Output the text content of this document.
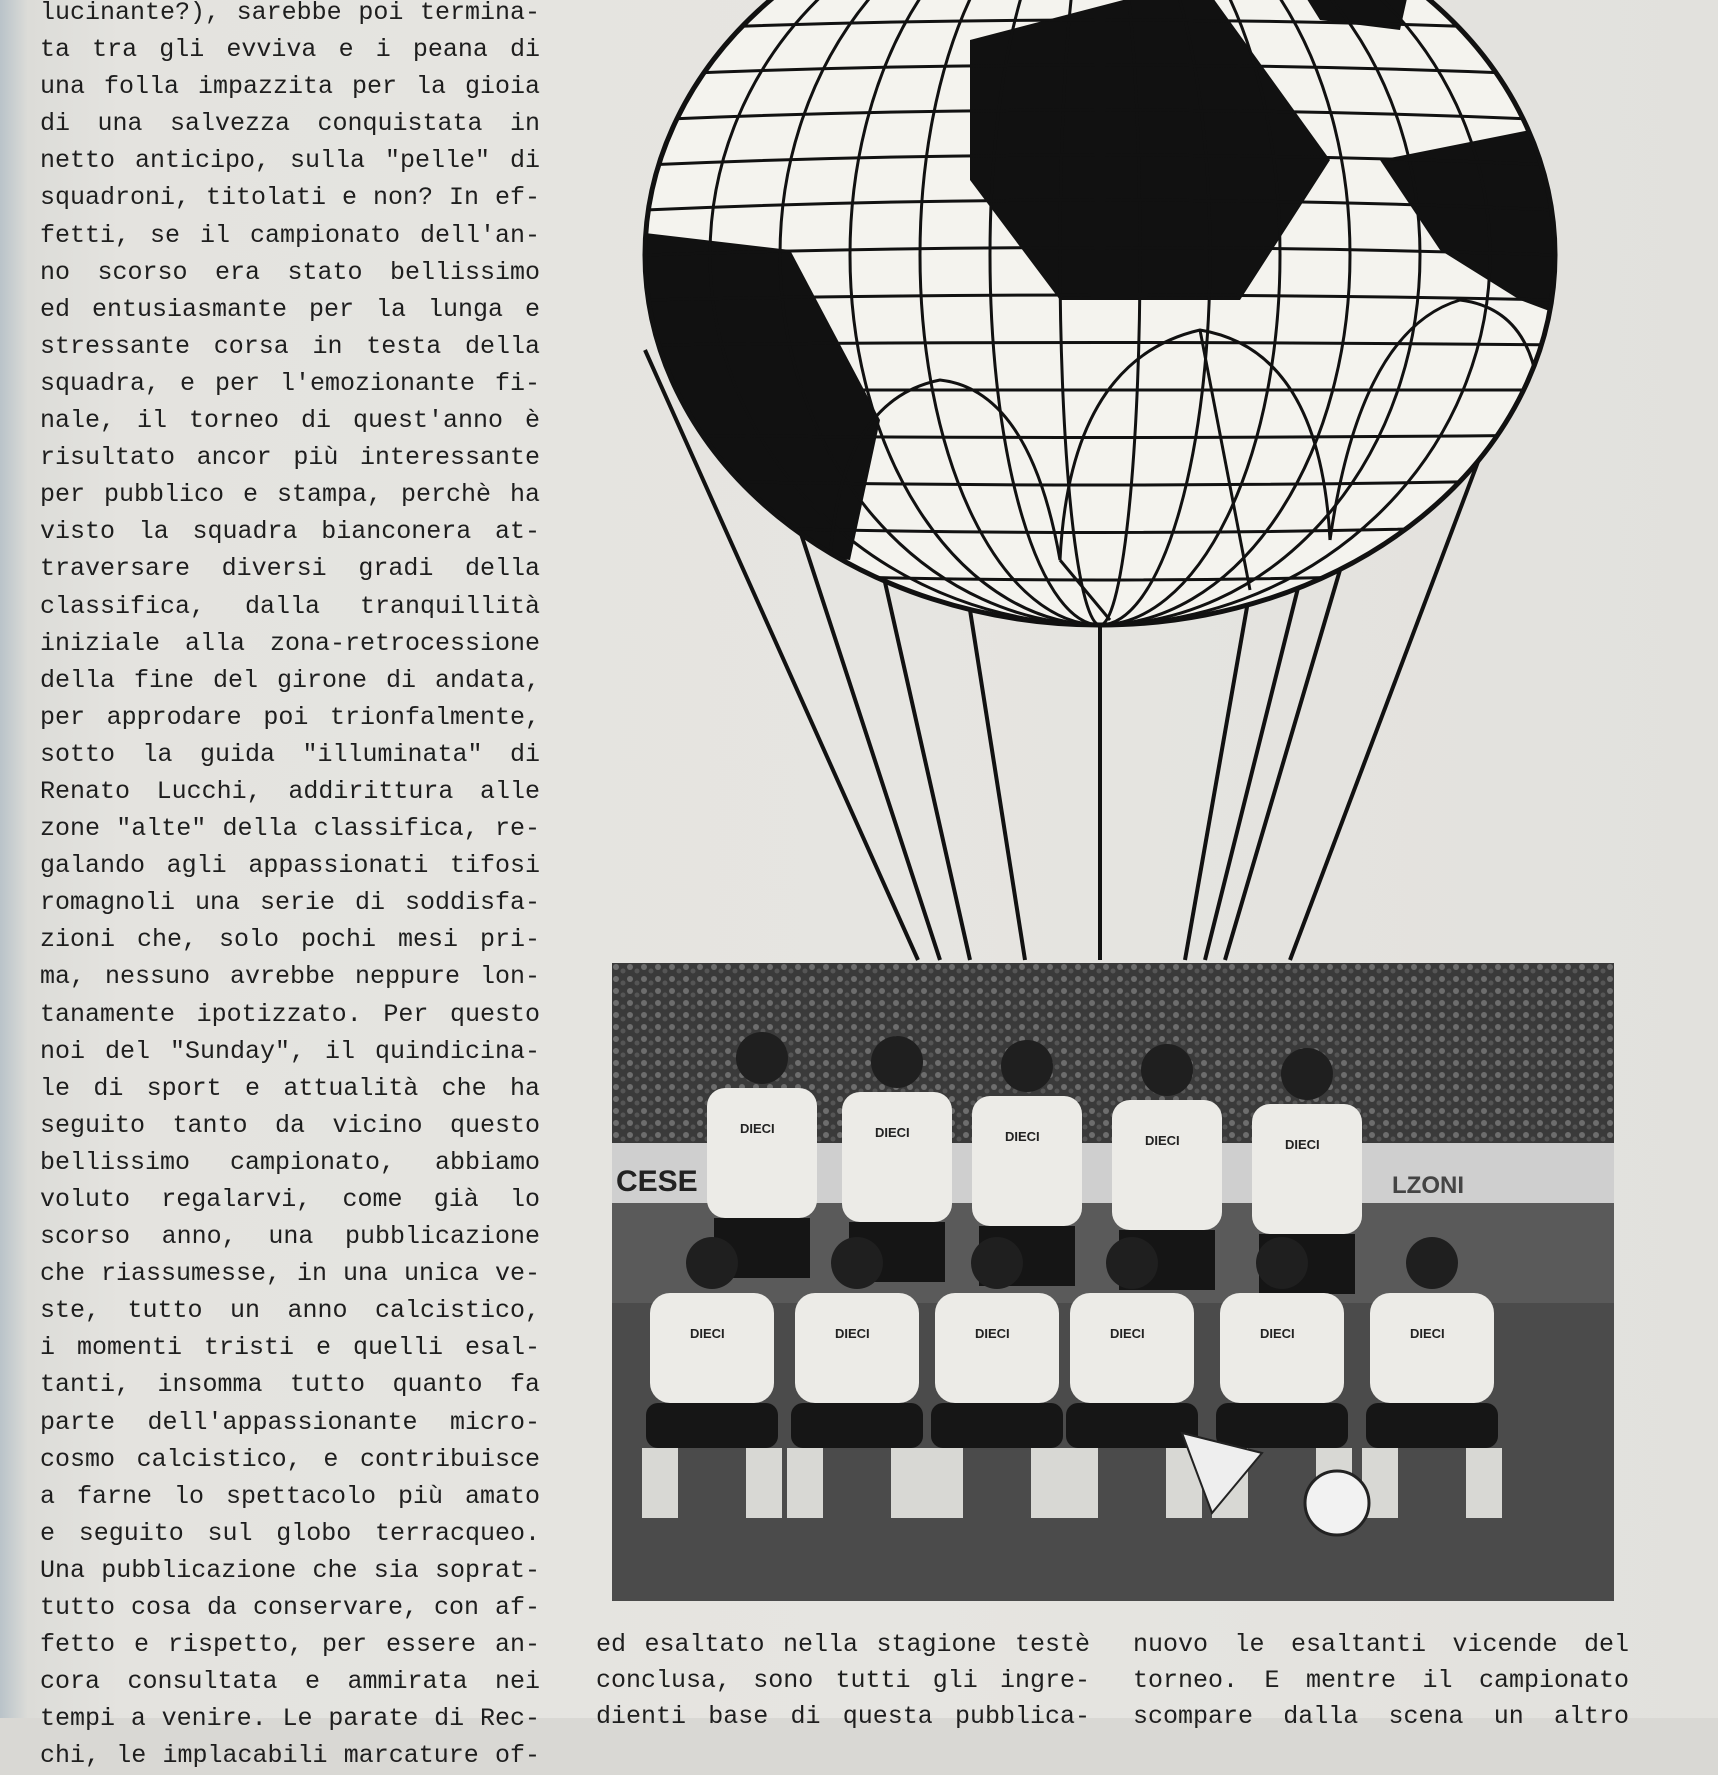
lucinante?), sarebbe poi termina-
ta tra gli evviva e i peana di
una folla impazzita per la gioia
di una salvezza conquistata in
netto anticipo, sulla "pelle" di
squadroni, titolati e non? In ef-
fetti, se il campionato dell'an-
no scorso era stato bellissimo
ed entusiasmante per la lunga e
stressante corsa in testa della
squadra, e per l'emozionante fi-
nale, il torneo di quest'anno è
risultato ancor più interessante
per pubblico e stampa, perchè ha
visto la squadra bianconera at-
traversare diversi gradi della
classifica, dalla tranquillità
iniziale alla zona-retrocessione
della fine del girone di andata,
per approdare poi trionfalmente,
sotto la guida "illuminata" di
Renato Lucchi, addirittura alle
zone "alte" della classifica, re-
galando agli appassionati tifosi
romagnoli una serie di soddisfa-
zioni che, solo pochi mesi pri-
ma, nessuno avrebbe neppure lon-
tanamente ipotizzato. Per questo
noi del "Sunday", il quindicina-
le di sport e attualità che ha
seguito tanto da vicino questo
bellissimo campionato, abbiamo
voluto regalarvi, come già lo
scorso anno, una pubblicazione
che riassumesse, in una unica ve-
ste, tutto un anno calcistico,
i momenti tristi e quelli esal-
tanti, insomma tutto quanto fa
parte dell'appassionante micro-
cosmo calcistico, e contribuisce
a farne lo spettacolo più amato
e seguito sul globo terracqueo.
Una pubblicazione che sia soprat-
tutto cosa da conservare, con af-
fetto e rispetto, per essere an-
cora consultata e ammirata nei
tempi a venire. Le parate di Rec-
chi, le implacabili marcature of-
CESE	LZONI
DIECI	DIECI	DIECI	DIECI	DIECI
DIECI	DIECI	DIECI	DIECI	DIECI	DIECI
ed esaltato nella stagione testè
conclusa, sono tutti gli ingre-
dienti base di questa pubblica-
nuovo le esaltanti vicende del
torneo. E mentre il campionato
scompare dalla scena un altro
